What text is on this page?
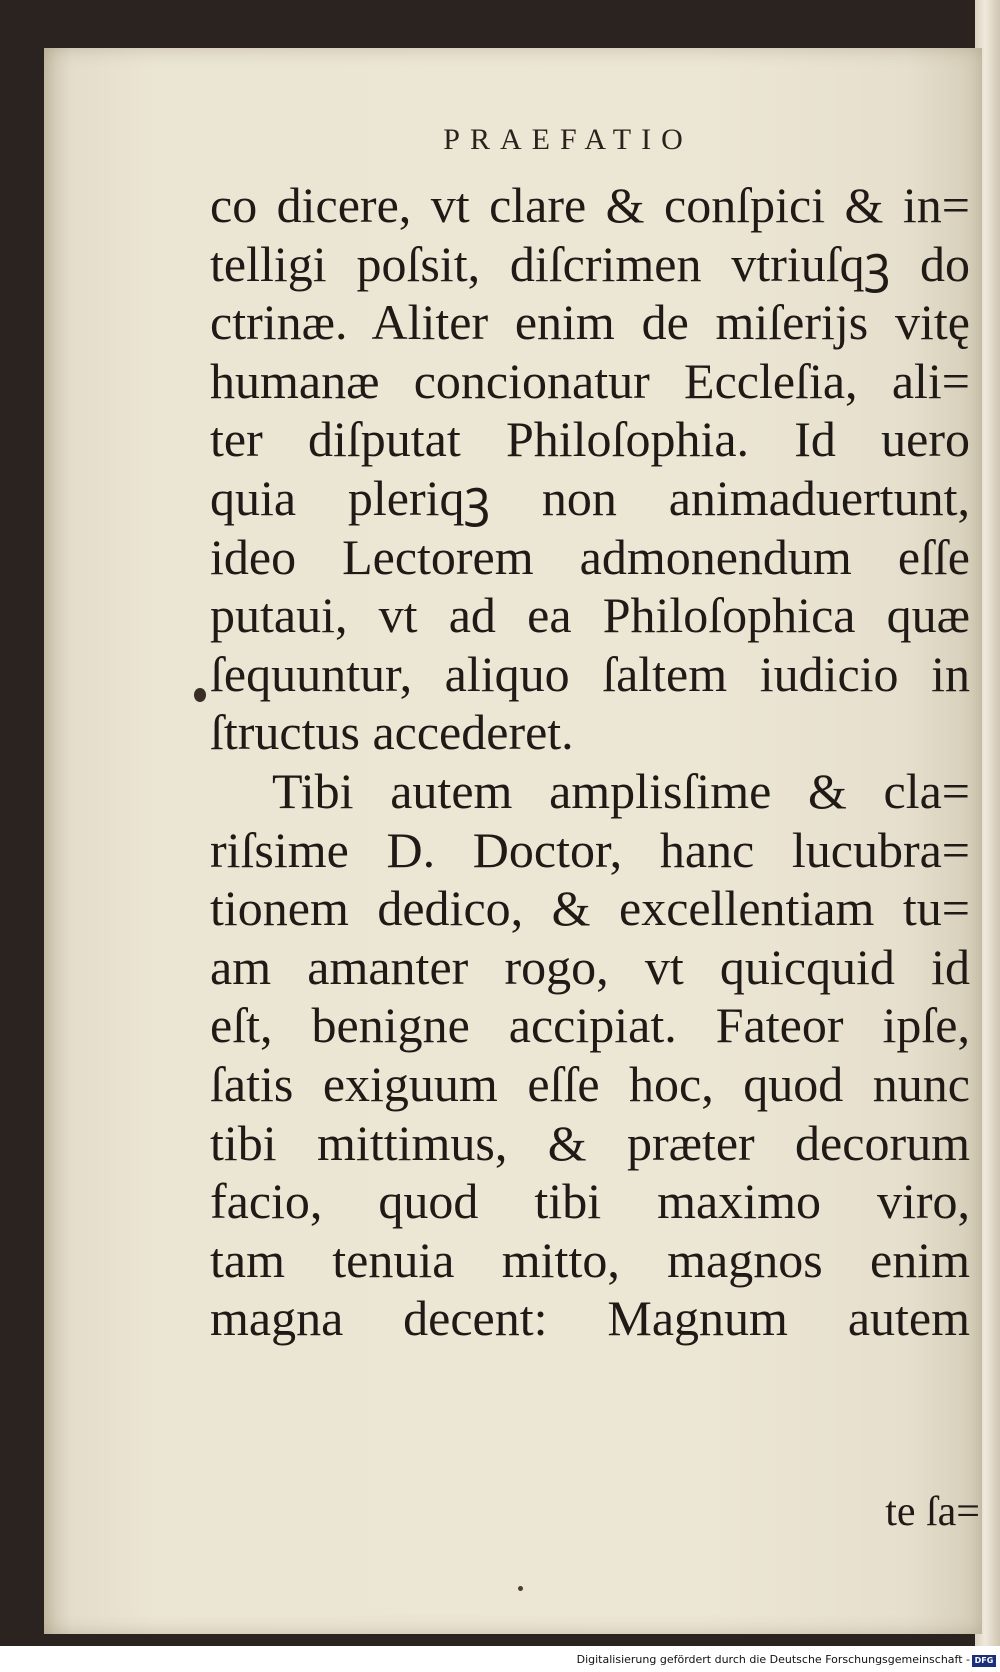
PRAEFATIO
co dicere, vt clare & conſpici & in=
telligi poſsit, diſcrimen vtriuſqꝫ do
ctrinæ. Aliter enim de miſerijs vitę
humanæ concionatur Eccleſia, ali=
ter diſputat Philoſophia. Id uero
quia pleriqꝫ non animaduertunt,
ideo Lectorem admonendum eſſe
putaui, vt ad ea Philoſophica quæ
ſequuntur, aliquo ſaltem iudicio in
ſtructus accederet.
Tibi autem amplisſime & cla=
riſsime D. Doctor, hanc lucubra=
tionem dedico, & excellentiam tu=
am amanter rogo, vt quicquid id
eſt, benigne accipiat. Fateor ipſe,
ſatis exiguum eſſe hoc, quod nunc
tibi mittimus, & præter decorum
facio, quod tibi maximo viro,
tam tenuia mitto, magnos enim
magna decent: Magnum autem
te ſa=
Digitalisierung gefördert durch die Deutsche Forschungsgemeinschaft - DFG
